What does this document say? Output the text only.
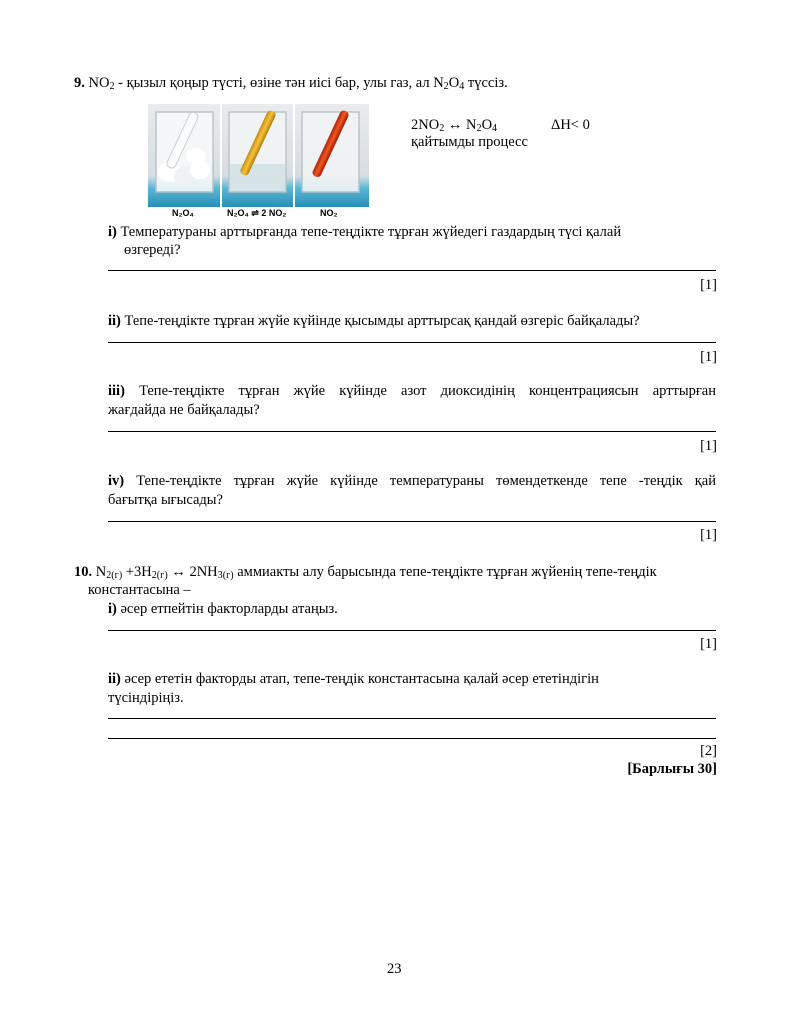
9. $NO_2$ - қызыл қоңыр түсті, өзіне тән иісі бар, улы газ, ал $N_2O_4$ түссіз.
N₂O₄	N₂O₄ ⇌ 2 NO₂	NO₂
$2NO_2$ ↔ $N_2O_4$	ΔH< 0
қайтымды процесс
i) Температураны арттырғанда тепе-теңдікте тұрған жүйедегі газдардың түсі қалай
өзгереді?
[1]
ii) Тепе-теңдікте тұрған жүйе күйінде қысымды арттырсақ қандай өзгеріс байқалады?
[1]
iii) Тепе-теңдікте тұрған жүйе күйінде азот диоксидінің концентрациясын арттырған
жағдайда не байқалады?
[1]
iv) Тепе-теңдікте тұрған жүйе күйінде температураны төмендеткенде тепе -теңдік қай
бағытқа ығысады?
[1]
10. $N_{2(г)} +3H_{2(г)}$ ↔ $2NH_{3(г)}$ аммиакты алу барысында тепе-теңдікте тұрған жүйенің тепе-теңдік
константасына –
i) әсер етпейтін факторларды атаңыз.
[1]
ii) әсер ететін факторды атап, тепе-теңдік константасына қалай әсер ететіндігін
түсіндіріңіз.
[2]
[Барлығы 30]
23
